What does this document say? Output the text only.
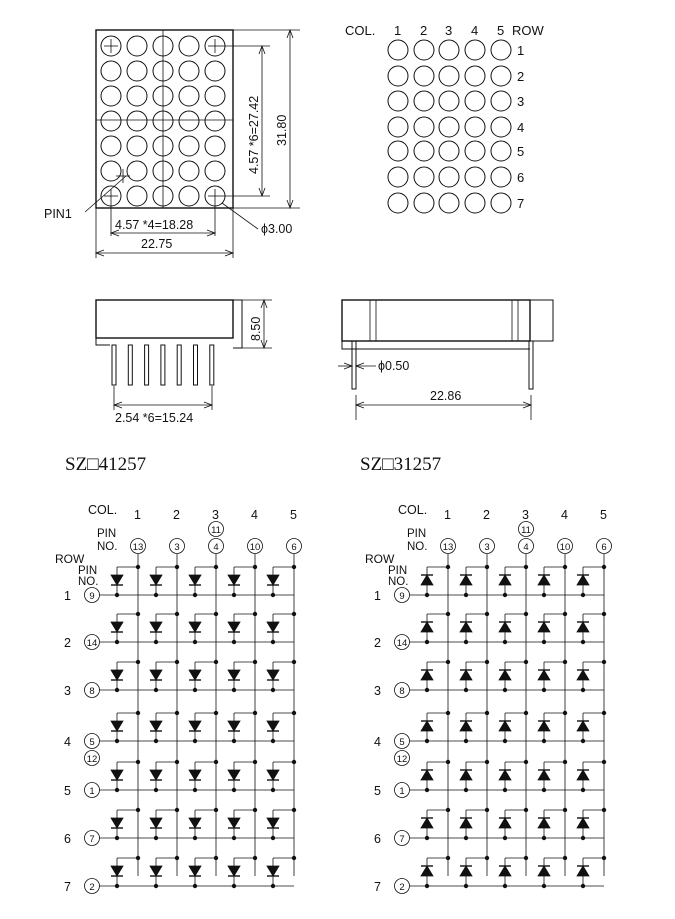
4.57 *6=27.42 31.80
4.57 *4=18.28
22.75
PIN1
ϕ3.00
COL.	ROW
1 2 3 4 5
1
2
3
4
5
6
7
8.50
2.54 *6=15.24
22.86
ϕ0.50
SZ□41257	SZ□31257
COL.
PIN
NO.
ROW
PIN
NO.
1
13
2
3
3
4
4
10
5
6
11
1 9
2 14
3 8
4 5
5 1
6 7
7 2
12
COL.
PIN
NO.
ROW
PIN
NO.
1
13
2
3
3
4
4
10
5
6
11
1 9
2 14
3 8
4 5
5 1
6 7
7 2
12
